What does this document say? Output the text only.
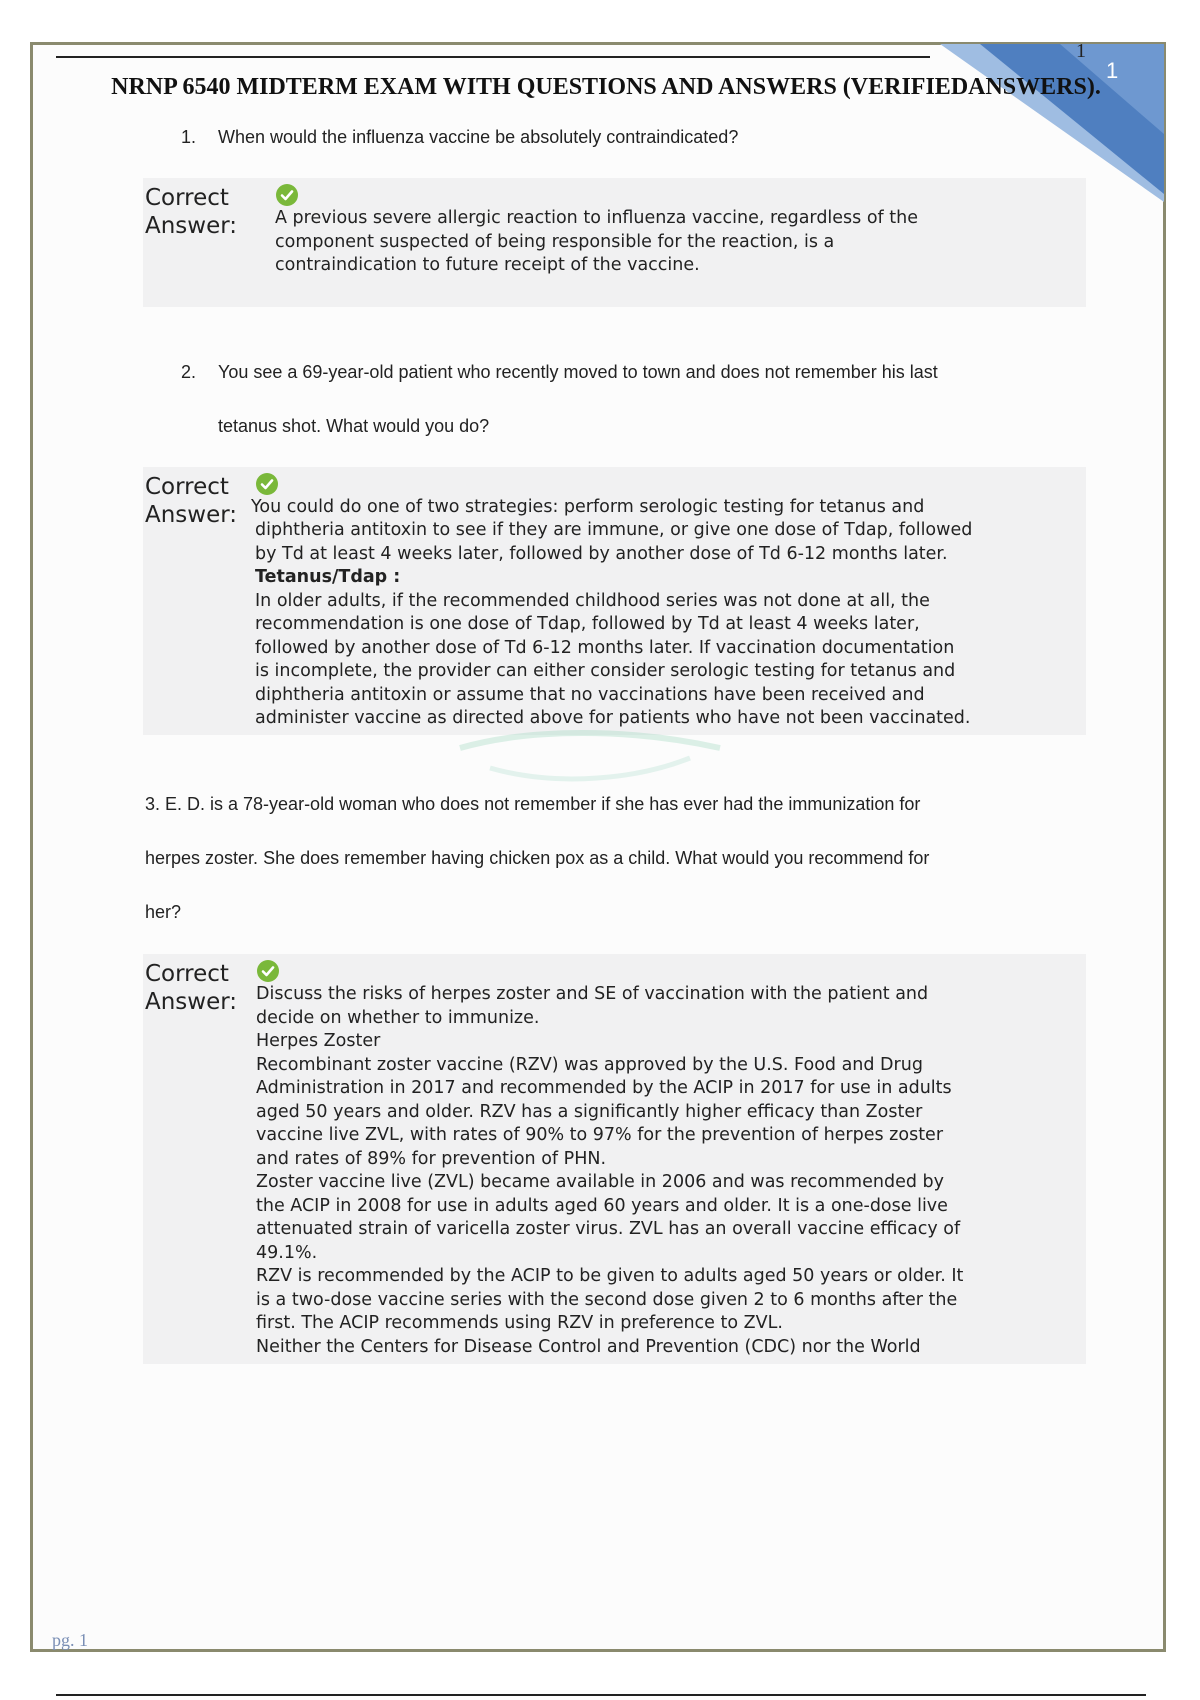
1
1
NRNP 6540 MIDTERM EXAM WITH QUESTIONS AND ANSWERS (VERIFIEDANSWERS).
1. When would the influenza vaccine be absolutely contraindicated?
Correct
Answer: A previous severe allergic reaction to influenza vaccine, regardless of the
component suspected of being responsible for the reaction, is a
contraindication to future receipt of the vaccine.
2. You see a 69-year-old patient who recently moved to town and does not remember his last
tetanus shot. What would you do?
Correct
Answer: You could do one of two strategies: perform serologic testing for tetanus and
diphtheria antitoxin to see if they are immune, or give one dose of Tdap, followed
by Td at least 4 weeks later, followed by another dose of Td 6-12 months later.
Tetanus/Tdap :
In older adults, if the recommended childhood series was not done at all, the
recommendation is one dose of Tdap, followed by Td at least 4 weeks later,
followed by another dose of Td 6-12 months later. If vaccination documentation
is incomplete, the provider can either consider serologic testing for tetanus and
diphtheria antitoxin or assume that no vaccinations have been received and
administer vaccine as directed above for patients who have not been vaccinated.
3. E. D. is a 78-year-old woman who does not remember if she has ever had the immunization for
herpes zoster. She does remember having chicken pox as a child. What would you recommend for
her?
Correct
Answer: Discuss the risks of herpes zoster and SE of vaccination with the patient and
decide on whether to immunize.
Herpes Zoster
Recombinant zoster vaccine (RZV) was approved by the U.S. Food and Drug
Administration in 2017 and recommended by the ACIP in 2017 for use in adults
aged 50 years and older. RZV has a significantly higher efficacy than Zoster
vaccine live ZVL, with rates of 90% to 97% for the prevention of herpes zoster
and rates of 89% for prevention of PHN.
Zoster vaccine live (ZVL) became available in 2006 and was recommended by
the ACIP in 2008 for use in adults aged 60 years and older. It is a one-dose live
attenuated strain of varicella zoster virus. ZVL has an overall vaccine efficacy of
49.1%.
RZV is recommended by the ACIP to be given to adults aged 50 years or older. It
is a two-dose vaccine series with the second dose given 2 to 6 months after the
first. The ACIP recommends using RZV in preference to ZVL.
Neither the Centers for Disease Control and Prevention (CDC) nor the World
pg. 1
